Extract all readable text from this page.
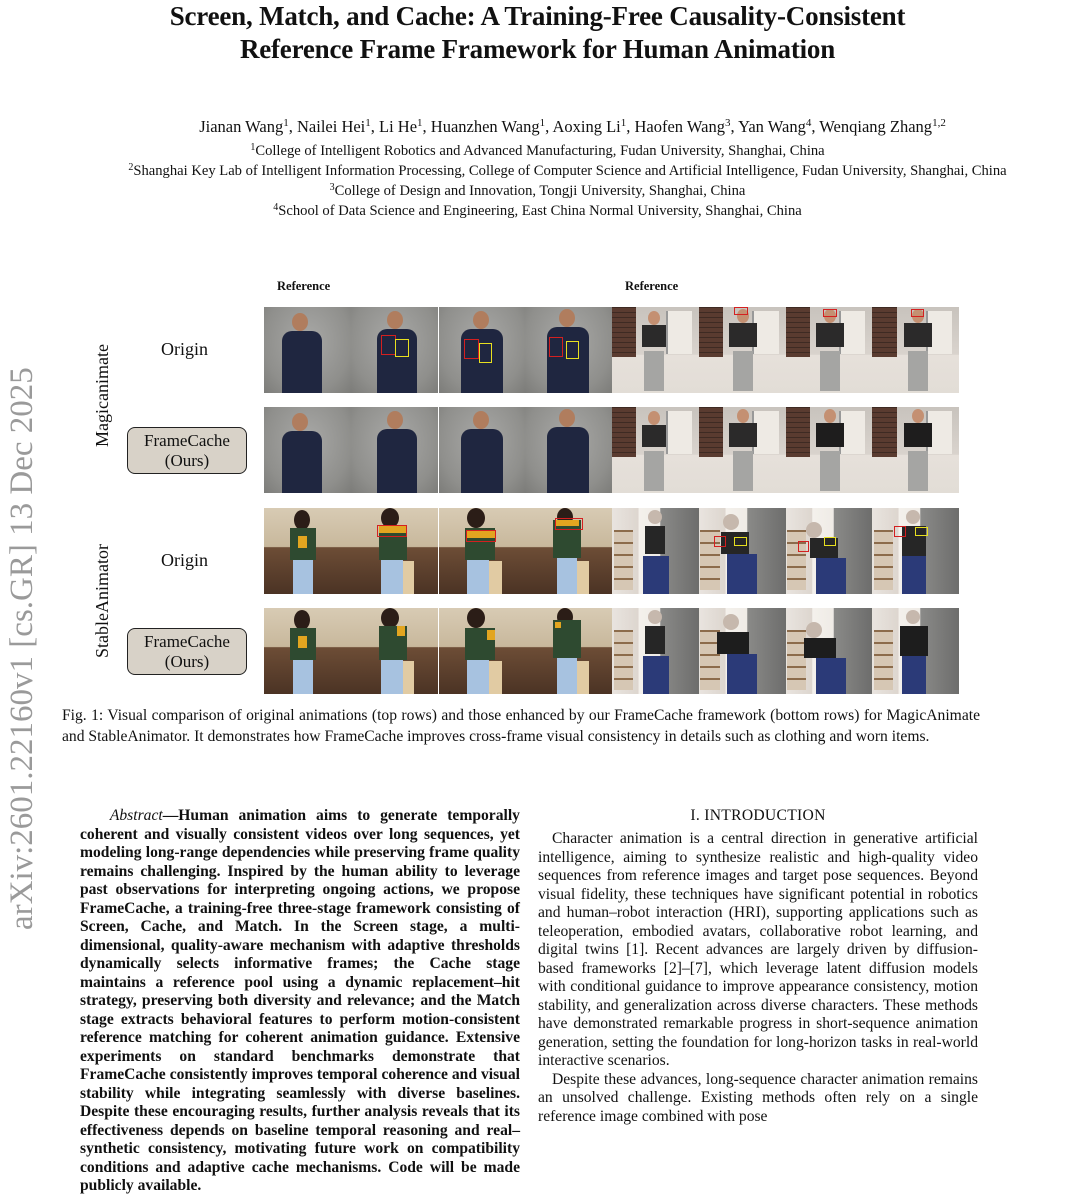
Screen, Match, and Cache: A Training-Free Causality-Consistent
Reference Frame Framework for Human Animation
Jianan Wang$^1$, Nailei Hei$^1$, Li He$^1$, Huanzhen Wang$^1$, Aoxing Li$^1$, Haofen Wang$^3$, Yan Wang$^4$, Wenqiang Zhang$^{1,2}$
$^1$College of Intelligent Robotics and Advanced Manufacturing, Fudan University, Shanghai, China
$^2$Shanghai Key Lab of Intelligent Information Processing, College of Computer Science and Artificial Intelligence, Fudan University, Shanghai, China
$^3$College of Design and Innovation, Tongji University, Shanghai, China
$^4$School of Data Science and Engineering, East China Normal University, Shanghai, China
arXiv:2601.22160v1 [cs.GR] 13 Dec 2025
Reference	Reference
Magicanimate
StableAnimator
Origin
FrameCache
(Ours)
Origin
FrameCache
(Ours)
Fig. 1: Visual comparison of original animations (top rows) and those enhanced by our FrameCache framework (bottom rows) for MagicAnimate and StableAnimator. It demonstrates how FrameCache improves cross-frame visual consistency in details such as clothing and worn items.

Abstract—Human animation aims to generate temporally coherent and visually consistent videos over long sequences, yet modeling long-range dependencies while preserving frame quality remains challenging. Inspired by the human ability to leverage past observations for interpreting ongoing actions, we propose FrameCache, a training-free three-stage framework consisting of Screen, Cache, and Match. In the Screen stage, a multi-dimensional, quality-aware mechanism with adaptive thresholds dynamically selects informative frames; the Cache stage maintains a reference pool using a dynamic replacement–hit strategy, preserving both diversity and relevance; and the Match stage extracts behavioral features to perform motion-consistent reference matching for coherent animation guidance. Extensive experiments on standard benchmarks demonstrate that FrameCache consistently improves temporal coherence and visual stability while integrating seamlessly with diverse baselines. Despite these encouraging results, further analysis reveals that its effectiveness depends on baseline temporal reasoning and real–synthetic consistency, motivating future work on compatibility conditions and adaptive cache mechanisms. Code will be made publicly available.

I. INTRODUCTION

Character animation is a central direction in generative artificial intelligence, aiming to synthesize realistic and high-quality video sequences from reference images and target pose sequences. Beyond visual fidelity, these techniques have significant potential in robotics and human–robot interaction (HRI), supporting applications such as teleoperation, embodied avatars, collaborative robot learning, and digital twins [1]. Recent advances are largely driven by diffusion-based frameworks [2]–[7], which leverage latent diffusion models with conditional guidance to improve appearance consistency, motion stability, and generalization across diverse characters. These methods have demonstrated remarkable progress in short-sequence animation generation, setting the foundation for long-horizon tasks in real-world interactive scenarios.

Despite these advances, long-sequence character animation remains an unsolved challenge. Existing methods often rely on a single reference image combined with pose
